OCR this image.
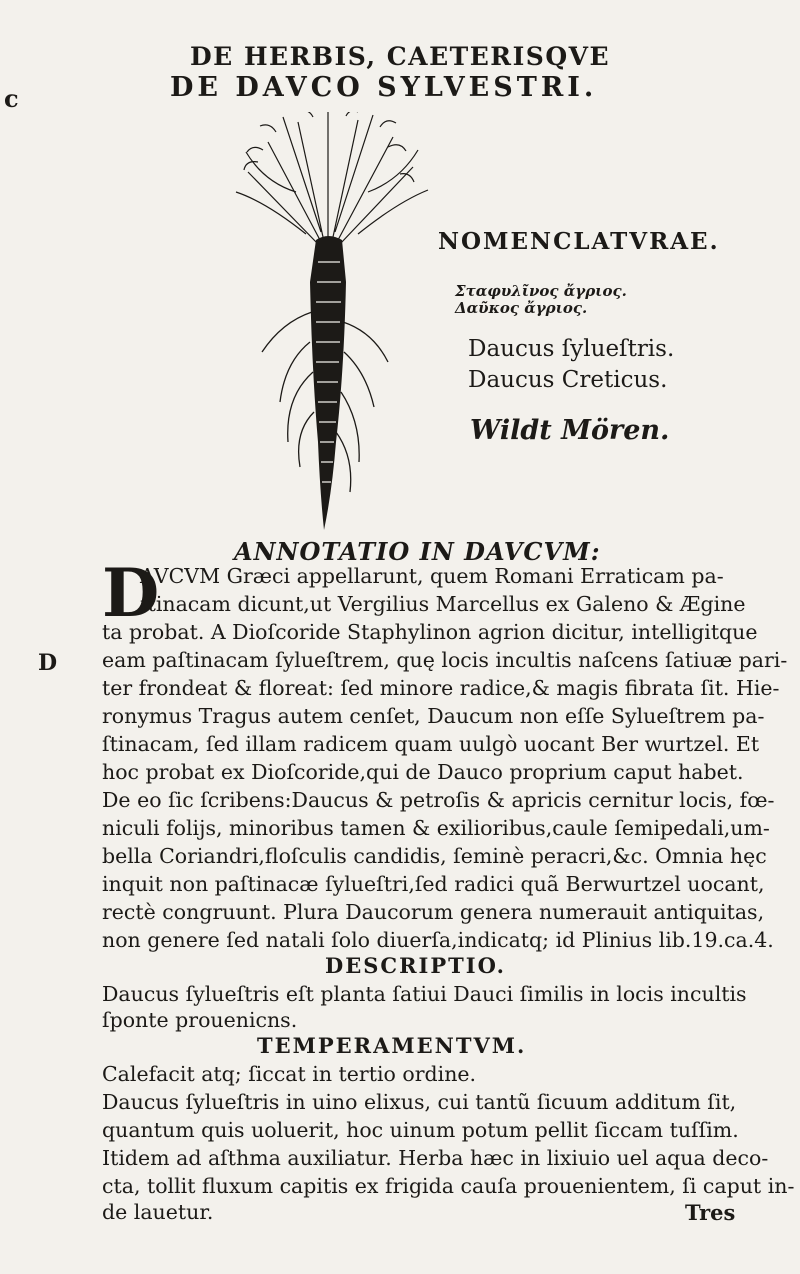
c
D
DE HERBIS, CAETERISQVE
DE DAVCO SYLVESTRI.
NOMENCLATVRAE.
Σταφυλῖνος ἄγριος.
Δαῦκος ἄγριος.
Daucus ſylueſtris.
Daucus Creticus.
Wildt Mören.
ANNOTATIO IN DAVCVM:
D
AVCVM Græci appellarunt, quem Romani Erraticam pa-
ſtinacam dicunt,ut Vergilius Marcellus ex Galeno & Ægine
ta probat. A Dioſcoride Staphylinon agrion dicitur, intelligitque
eam paſtinacam ſylueſtrem, quę locis incultis naſcens ſatiuæ pari-
ter frondeat & floreat: ſed minore radice,& magis fibrata ſit. Hie-
ronymus Tragus autem cenſet, Daucum non eſſe Sylueſtrem pa-
ſtinacam, ſed illam radicem quam uulgò uocant Ber wurtzel. Et
hoc probat ex Dioſcoride,qui de Dauco proprium caput habet.
De eo ſic ſcribens:Daucus & petroſis & apricis cernitur locis, fœ-
niculi folijs, minoribus tamen & exilioribus,caule ſemipedali,um-
bella Coriandri,floſculis candidis, ſeminè peracri,&c. Omnia hęc
inquit non paſtinacæ ſylueſtri,ſed radici quã Berwurtzel uocant,
rectè congruunt. Plura Daucorum genera numerauit antiquitas,
non genere ſed natali ſolo diuerſa,indicatq; id Plinius lib.19.ca.4.
DESCRIPTIO.
Daucus ſylueſtris eſt planta ſatiui Dauci ſimilis in locis incultis
ſponte prouenicns.
TEMPERAMENTVM.
Calefacit atq; ſiccat in tertio ordine.
Daucus ſylueſtris in uino elixus, cui tantũ ſicuum additum ſit,
quantum quis uoluerit, hoc uinum potum pellit ſiccam tuſſim.
Itidem ad aſthma auxiliatur. Herba hæc in lixiuio uel aqua deco-
cta, tollit fluxum capitis ex frigida cauſa prouenientem, ſi caput in-
de lauetur.	Tres
